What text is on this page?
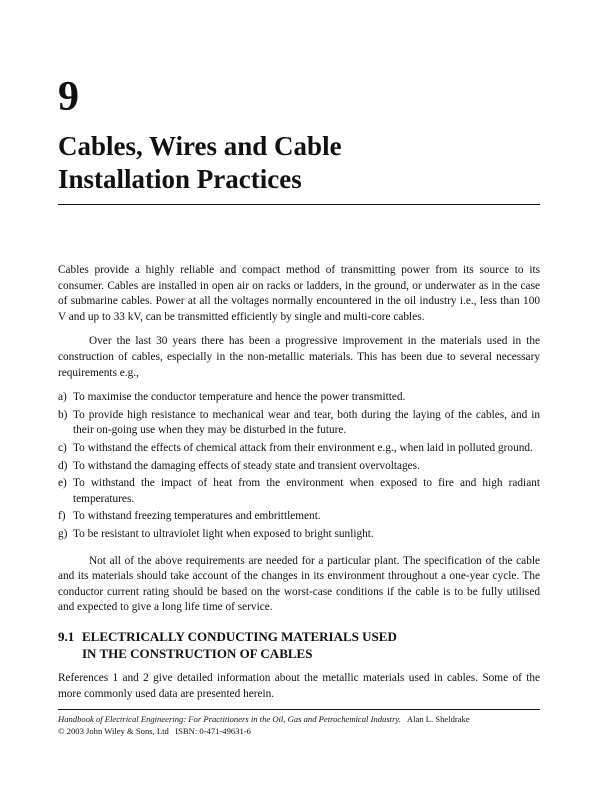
9
Cables, Wires and Cable
Installation Practices

Cables provide a highly reliable and compact method of transmitting power from its source to its consumer. Cables are installed in open air on racks or ladders, in the ground, or underwater as in the case of submarine cables. Power at all the voltages normally encountered in the oil industry i.e., less than 100 V and up to 33 kV, can be transmitted efficiently by single and multi-core cables.

Over the last 30 years there has been a progressive improvement in the materials used in the construction of cables, especially in the non-metallic materials. This has been due to several necessary requirements e.g.,

a) To maximise the conductor temperature and hence the power transmitted.
b) To provide high resistance to mechanical wear and tear, both during the laying of the cables, and in their on-going use when they may be disturbed in the future.
c) To withstand the effects of chemical attack from their environment e.g., when laid in polluted ground.
d) To withstand the damaging effects of steady state and transient overvoltages.
e) To withstand the impact of heat from the environment when exposed to fire and high radiant temperatures.
f) To withstand freezing temperatures and embrittlement.
g) To be resistant to ultraviolet light when exposed to bright sunlight.

Not all of the above requirements are needed for a particular plant. The specification of the cable and its materials should take account of the changes in its environment throughout a one-year cycle. The conductor current rating should be based on the worst-case conditions if the cable is to be fully utilised and expected to give a long life time of service.

9.1 ELECTRICALLY CONDUCTING MATERIALS USED
IN THE CONSTRUCTION OF CABLES
References 1 and 2 give detailed information about the metallic materials used in cables. Some of the more commonly used data are presented herein.
Handbook of Electrical Engineering: For Practitioners in the Oil, Gas and Petrochemical Industry. Alan L. Sheldrake
© 2003 John Wiley & Sons, Ltd ISBN: 0-471-49631-6
